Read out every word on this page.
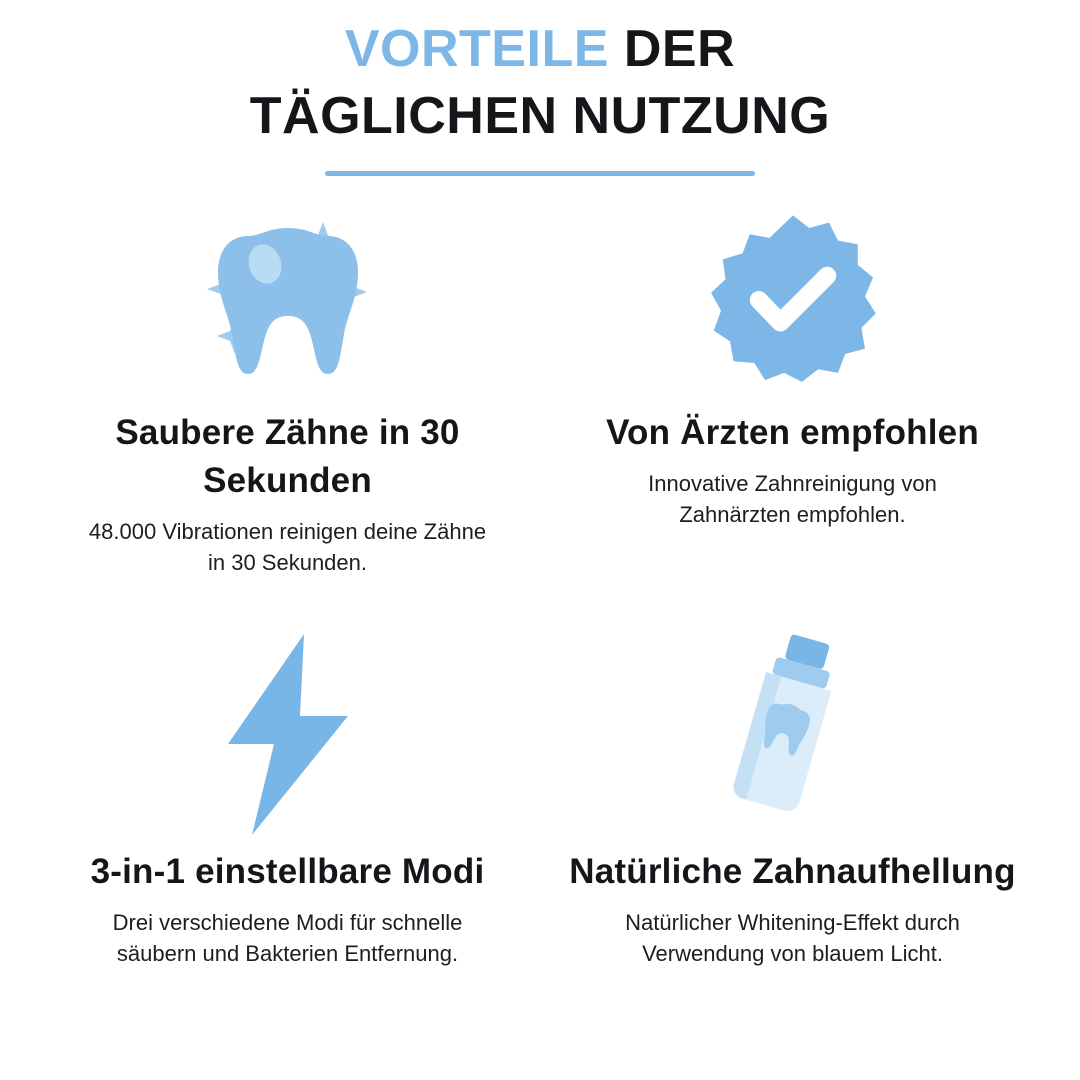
VORTEILE DER
TÄGLICHEN NUTZUNG
Saubere Zähne in 30 Sekunden
48.000 Vibrationen reinigen deine Zähne in 30 Sekunden.
Von Ärzten empfohlen
Innovative Zahnreinigung von Zahnärzten empfohlen.
3-in-1 einstellbare Modi
Drei verschiedene Modi für schnelle säubern und Bakterien Entfernung.
Natürliche Zahnaufhellung
Natürlicher Whitening-Effekt durch Verwendung von blauem Licht.
